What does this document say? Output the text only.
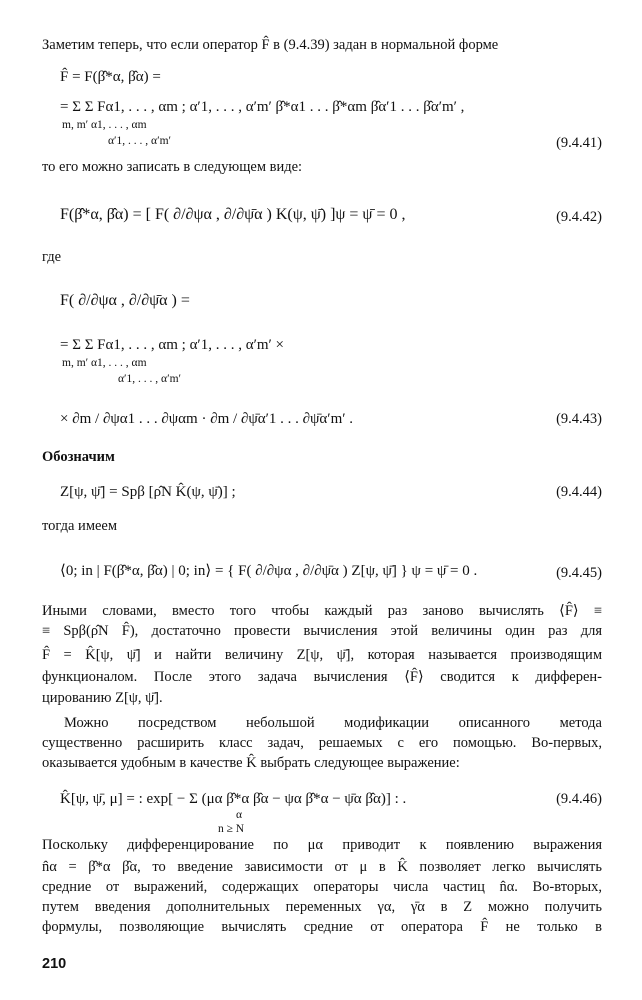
Заметим теперь, что если оператор F̂ в (9.4.39) задан в нормальной форме
F̂ = F(β̂*α, β̂α) =
= Σ Σ Fα1, . . . , αm ; α′1, . . . , α′m′ β̂*α1 . . . β̂*αm β̂α′1 . . . β̂α′m′ ,
m, m′ α1, . . . , αm
α′1, . . . , α′m′	(9.4.41)
то его можно записать в следующем виде:
F(β̂*α, β̂α) = [ F( ∂/∂ψα , ∂/∂ψ̄α ) K(ψ, ψ̄) ]ψ = ψ̄ = 0 ,	(9.4.42)
где
F( ∂/∂ψα , ∂/∂ψ̄α ) =
= Σ Σ Fα1, . . . , αm ; α′1, . . . , α′m′ ×
m, m′ α1, . . . , αm
α′1, . . . , α′m′
× ∂m / ∂ψα1 . . . ∂ψαm · ∂m / ∂ψ̄α′1 . . . ∂ψ̄α′m′ .	(9.4.43)
Обозначим
Z[ψ, ψ̄] = Spβ [ρ̂N K̂(ψ, ψ̄)] ;	(9.4.44)
тогда имеем
⟨0; in | F(β̂*α, β̂α) | 0; in⟩ = { F( ∂/∂ψα , ∂/∂ψ̄α ) Z[ψ, ψ̄] } ψ = ψ̄ = 0 .	(9.4.45)
Иными словами, вместо того чтобы каждый раз заново вычислять ⟨F̂⟩ ≡
≡ Spβ(ρ̂N F̂), достаточно провести вычисления этой величины один раз для
F̂ = K̂[ψ, ψ̄] и найти величину Z[ψ, ψ̄], которая называется производящим
функционалом. После этого задача вычисления ⟨F̂⟩ сводится к дифферен-
цированию Z[ψ, ψ̄].
Можно посредством небольшой модификации описанного метода
существенно расширить класс задач, решаемых с его помощью. Во-первых,
оказывается удобным в качестве K̂ выбрать следующее выражение:
K̂[ψ, ψ̄, μ] = : exp[ − Σ (μα β̂*α β̂α − ψα β̂*α − ψ̄α β̂α)] : .
α
n ≥ N
(9.4.46)
Поскольку дифференцирование по μα приводит к появлению выражения
n̂α = β̂*α β̂α, то введение зависимости от μ в K̂ позволяет легко вычислять
средние от выражений, содержащих операторы числа частиц n̂α. Во-вторых,
путем введения дополнительных переменных γα, γ̄α в Z можно получить
формулы, позволяющие вычислять средние от оператора F̂ не только в
210
